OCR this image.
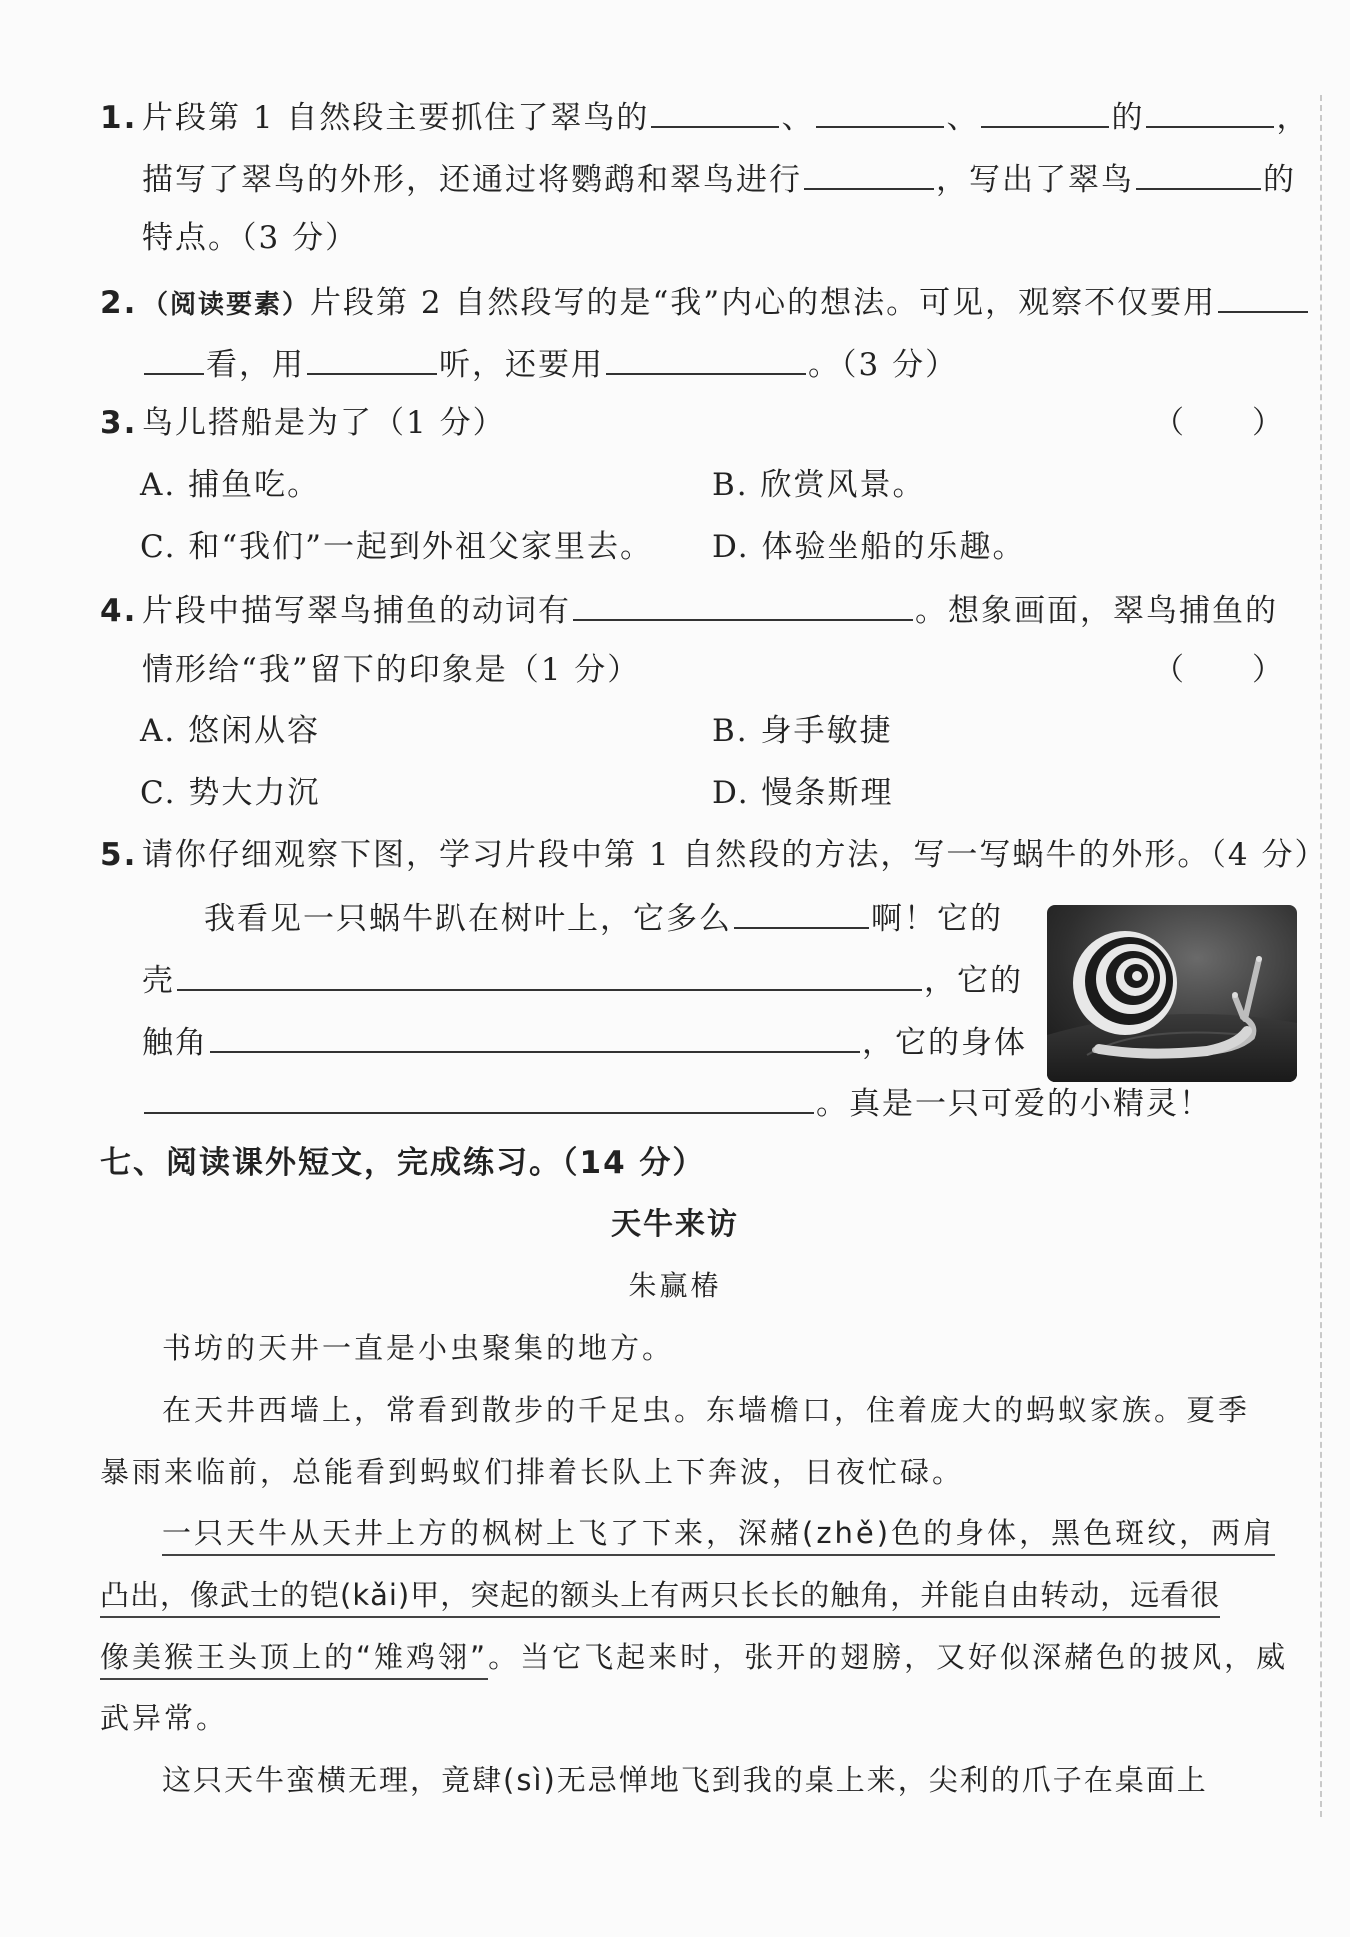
1. 片段第 1 自然段主要抓住了翠鸟的	、	、	的	，
描写了翠鸟的外形，还通过将鹦鹉和翠鸟进行	，写出了翠鸟	的
特点。（3 分）
2. （阅读要素）片段第 2 自然段写的是“我”内心的想法。可见，观察不仅要用
看，用	听，还要用	。（3 分）
3. 鸟儿搭船是为了（1 分）	（　　）
A. 捕鱼吃。	B. 欣赏风景。
C. 和“我们”一起到外祖父家里去。 D. 体验坐船的乐趣。
4. 片段中描写翠鸟捕鱼的动词有	。想象画面，翠鸟捕鱼的
情形给“我”留下的印象是（1 分）	（　　）
A. 悠闲从容	B. 身手敏捷
C. 势大力沉	D. 慢条斯理
5. 请你仔细观察下图，学习片段中第 1 自然段的方法，写一写蜗牛的外形。（4 分）
我看见一只蜗牛趴在树叶上，它多么	啊！它的
壳	，它的
触角	，它的身体
。真是一只可爱的小精灵！
七、阅读课外短文，完成练习。（14 分）
天牛来访
朱赢椿
书坊的天井一直是小虫聚集的地方。
在天井西墙上，常看到散步的千足虫。东墙檐口，住着庞大的蚂蚁家族。夏季
暴雨来临前，总能看到蚂蚁们排着长队上下奔波，日夜忙碌。
一只天牛从天井上方的枫树上飞了下来，深赭(zhě)色的身体，黑色斑纹，两肩
凸出，像武士的铠(kǎi)甲，突起的额头上有两只长长的触角，并能自由转动，远看很
像美猴王头顶上的“雉鸡翎”。当它飞起来时，张开的翅膀，又好似深赭色的披风，威
武异常。
这只天牛蛮横无理，竟肆(sì)无忌惮地飞到我的桌上来，尖利的爪子在桌面上
